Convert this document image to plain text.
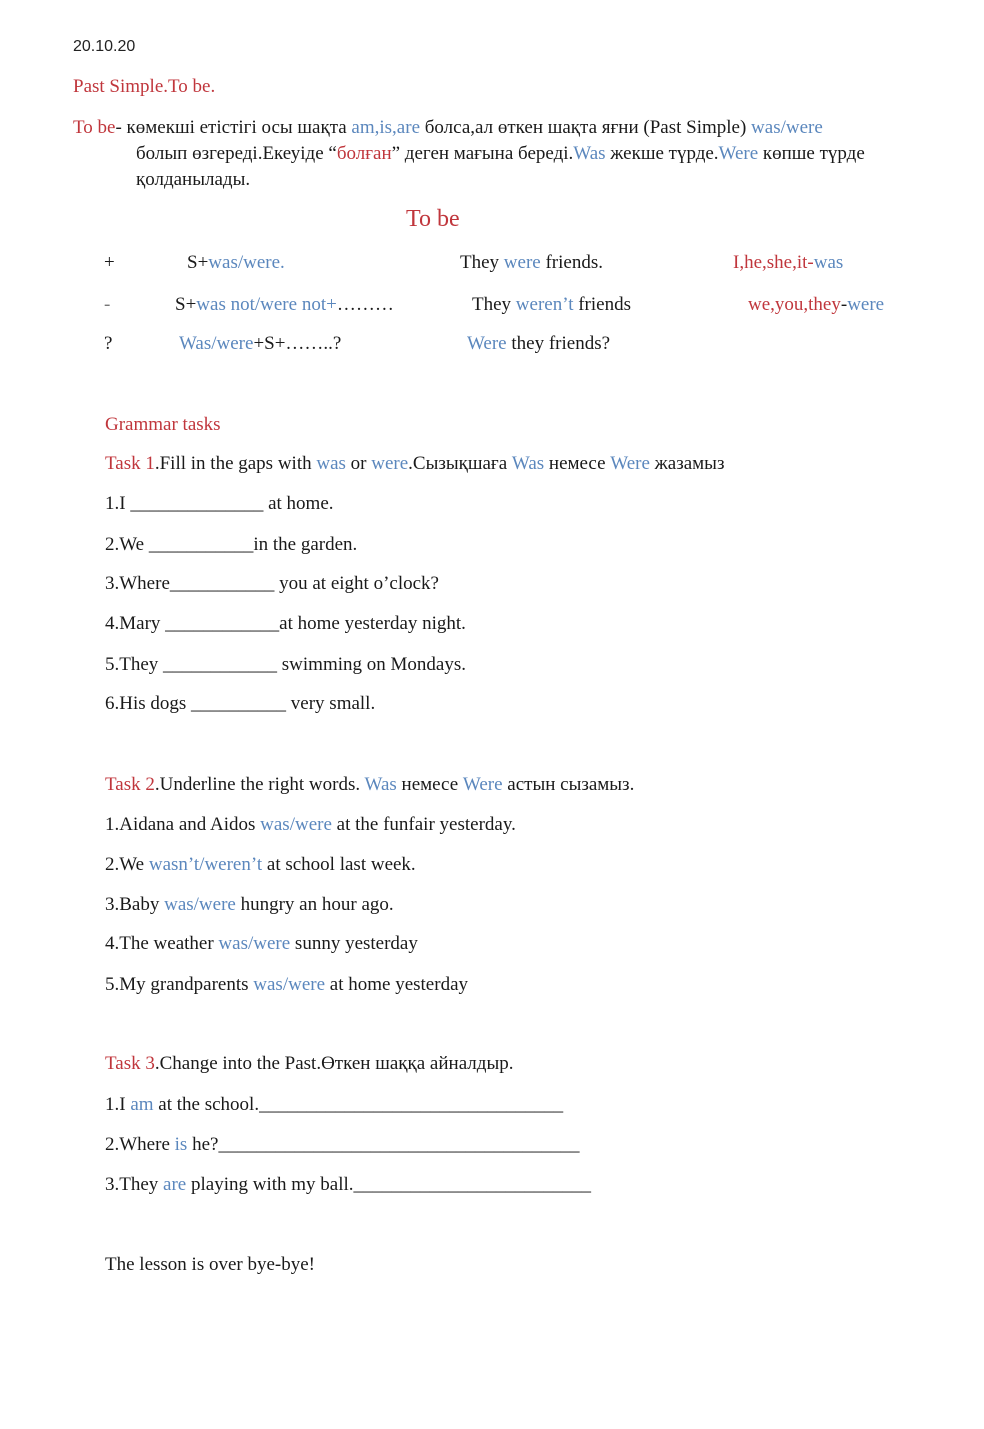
20.10.20
Past Simple.To be.
To be- көмекші етістігі осы шақта am,is,are болса,ал өткен шақта яғни (Past Simple) was/were
болып өзгереді.Екеуіде “болған” деген мағына береді.Was жекше түрде.Were көпше түрде
қолданылады.
To be
+	S+was/were.	They were friends.	I,he,she,it-was
-	S+was not/were not+………	They weren’t friends	we,you,they-were
?	Was/were+S+……..?	Were they friends?
Grammar tasks
Task 1.Fill in the gaps with was or were.Сызықшаға Was немесе Were жазамыз
1.I ______________ at home.
2.We ___________in the garden.
3.Where___________ you at eight o’clock?
4.Mary ____________at home yesterday night.
5.They ____________ swimming on Mondays.
6.His dogs __________ very small.
Task 2.Underline the right words. Was немесе Were астын сызамыз.
1.Aidana and Aidos was/were at the funfair yesterday.
2.We wasn’t/weren’t at school last week.
3.Baby was/were hungry an hour ago.
4.The weather was/were sunny yesterday
5.My grandparents was/were at home yesterday
Task 3.Change into the Past.Өткен шаққа айналдыр.
1.I am at the school.________________________________
2.Where is he?______________________________________
3.They are playing with my ball._________________________
The lesson is over bye-bye!
